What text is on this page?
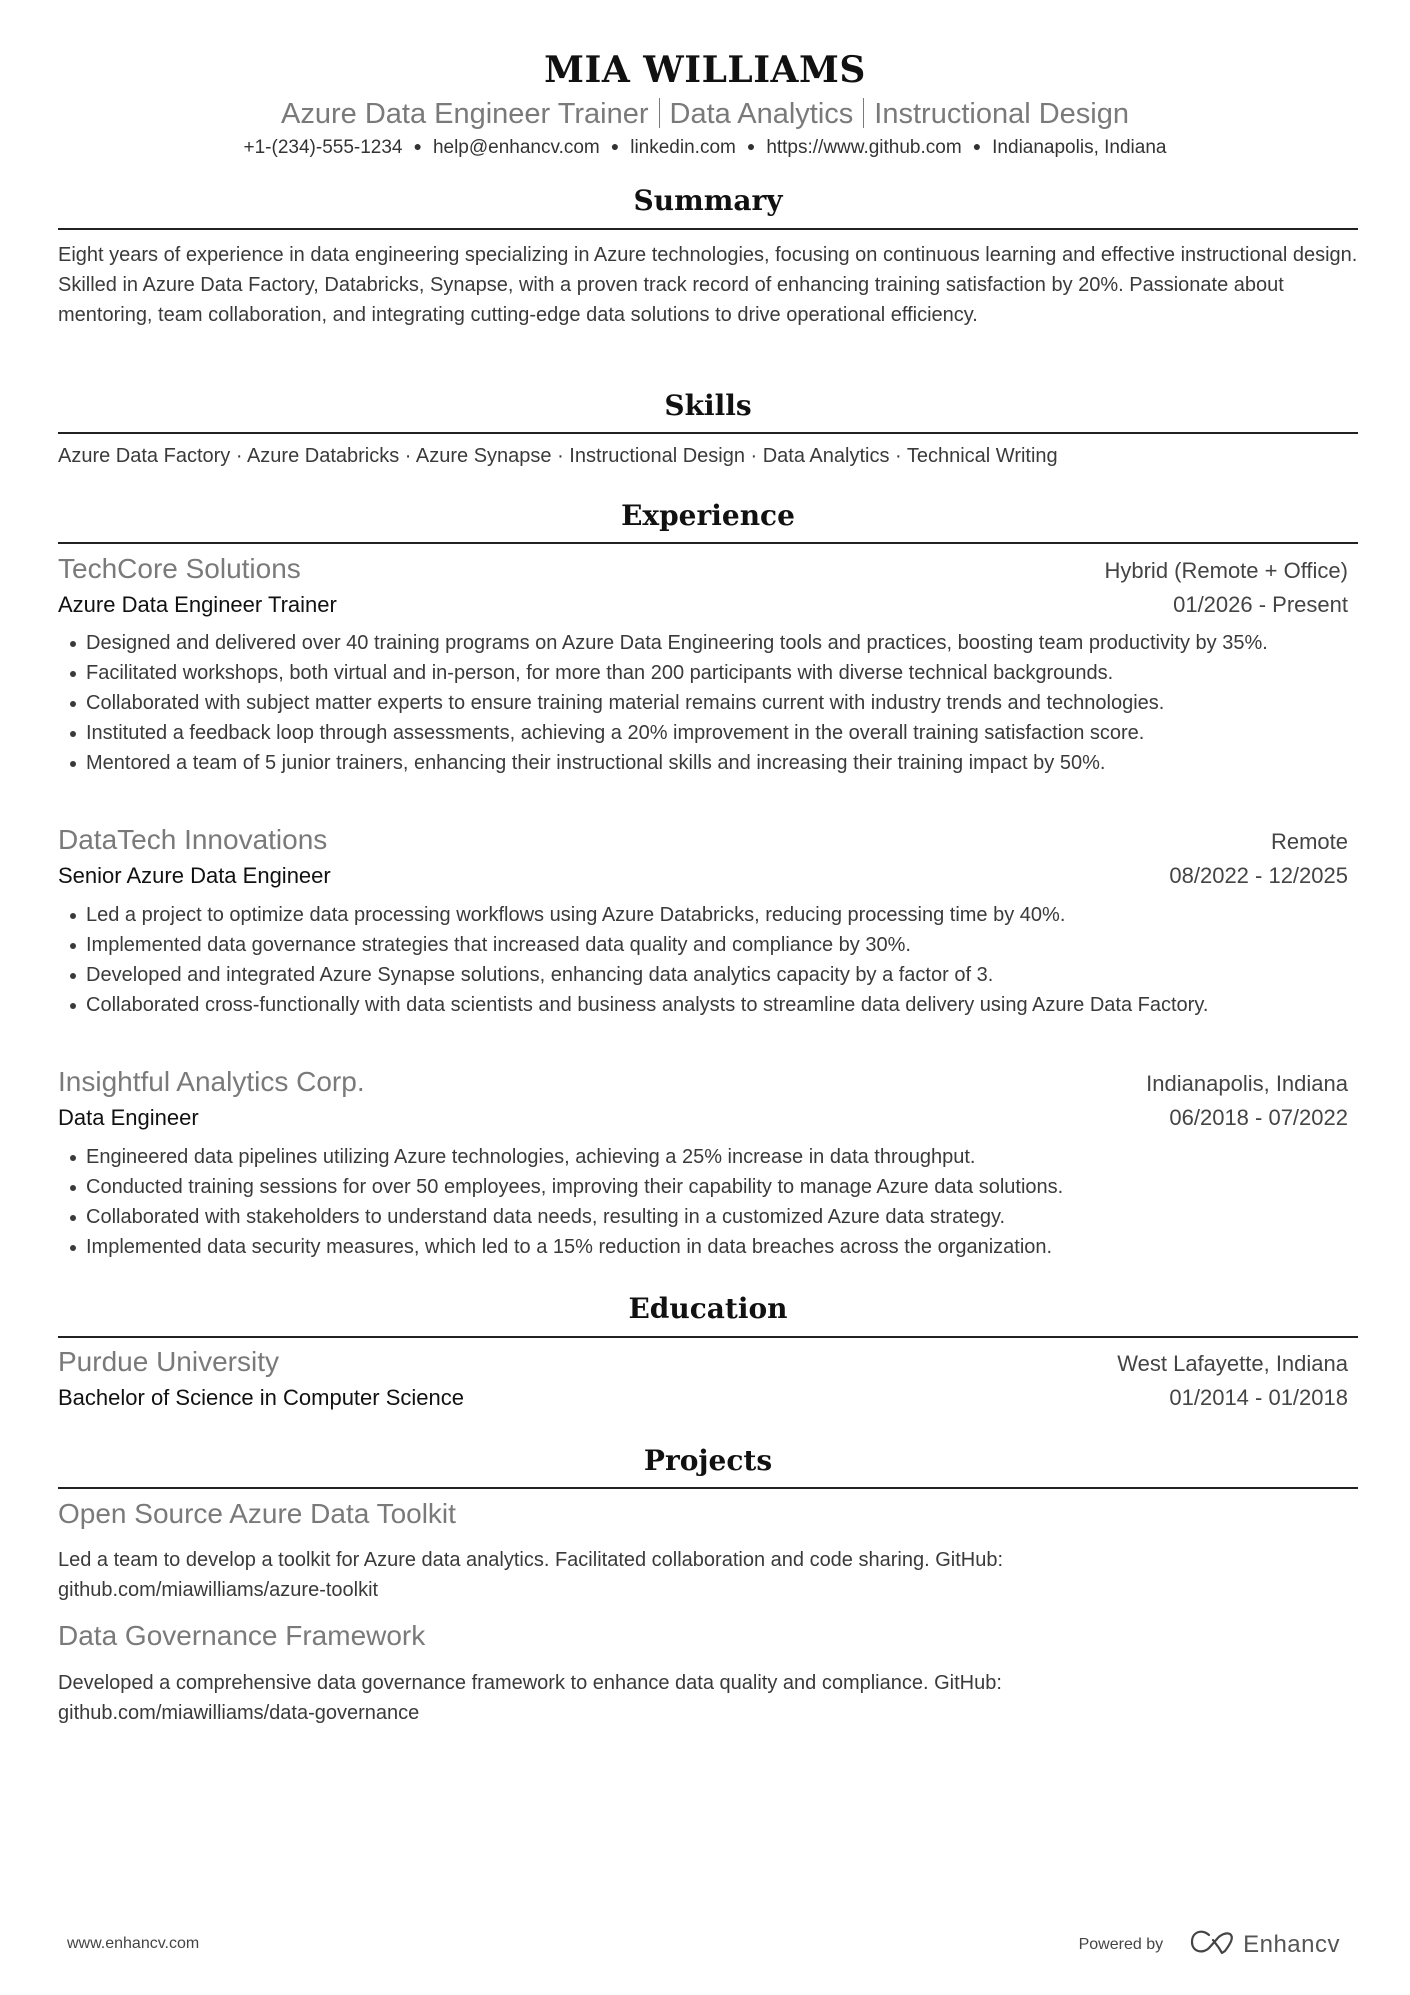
MIA WILLIAMS
Azure Data Engineer Trainer Data Analytics Instructional Design
+1-(234)-555-1234 ● help@enhancv.com ● linkedin.com ● https://www.github.com ● Indianapolis, Indiana
Summary
Eight years of experience in data engineering specializing in Azure technologies, focusing on continuous learning and effective instructional design. Skilled in Azure Data Factory, Databricks, Synapse, with a proven track record of enhancing training satisfaction by 20%. Passionate about mentoring, team collaboration, and integrating cutting-edge data solutions to drive operational efficiency.
Skills
Azure Data Factory · Azure Databricks · Azure Synapse · Instructional Design · Data Analytics · Technical Writing
Experience
TechCore Solutions	Hybrid (Remote + Office)
Azure Data Engineer Trainer	01/2026 - Present
Designed and delivered over 40 training programs on Azure Data Engineering tools and practices, boosting team productivity by 35%.
Facilitated workshops, both virtual and in-person, for more than 200 participants with diverse technical backgrounds.
Collaborated with subject matter experts to ensure training material remains current with industry trends and technologies.
Instituted a feedback loop through assessments, achieving a 20% improvement in the overall training satisfaction score.
Mentored a team of 5 junior trainers, enhancing their instructional skills and increasing their training impact by 50%.
DataTech Innovations	Remote
Senior Azure Data Engineer	08/2022 - 12/2025
Led a project to optimize data processing workflows using Azure Databricks, reducing processing time by 40%.
Implemented data governance strategies that increased data quality and compliance by 30%.
Developed and integrated Azure Synapse solutions, enhancing data analytics capacity by a factor of 3.
Collaborated cross-functionally with data scientists and business analysts to streamline data delivery using Azure Data Factory.
Insightful Analytics Corp.	Indianapolis, Indiana
Data Engineer	06/2018 - 07/2022
Engineered data pipelines utilizing Azure technologies, achieving a 25% increase in data throughput.
Conducted training sessions for over 50 employees, improving their capability to manage Azure data solutions.
Collaborated with stakeholders to understand data needs, resulting in a customized Azure data strategy.
Implemented data security measures, which led to a 15% reduction in data breaches across the organization.
Education
Purdue University	West Lafayette, Indiana
Bachelor of Science in Computer Science	01/2014 - 01/2018
Projects
Open Source Azure Data Toolkit
Led a team to develop a toolkit for Azure data analytics. Facilitated collaboration and code sharing. GitHub: github.com/miawilliams/azure-toolkit
Data Governance Framework
Developed a comprehensive data governance framework to enhance data quality and compliance. GitHub: github.com/miawilliams/data-governance
www.enhancv.com	Powered by	Enhancv
